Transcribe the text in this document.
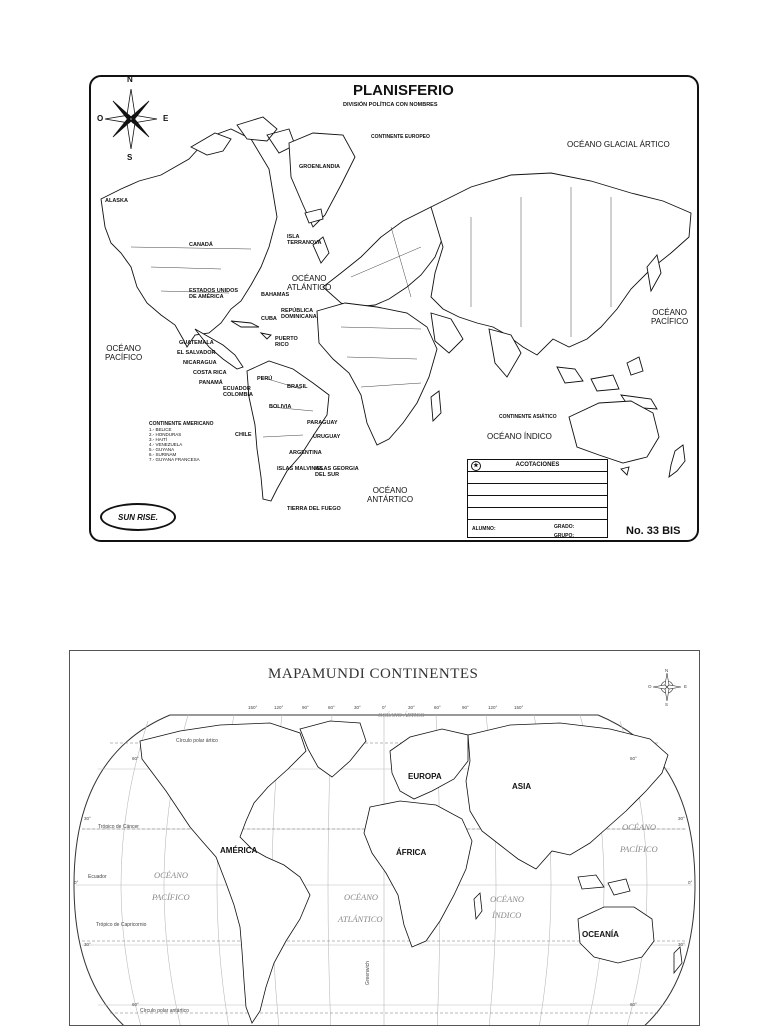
N
S
O	E
PLANISFERIO
DIVISIÓN POLÍTICA CON NOMBRES
OCÉANO GLACIAL ÁRTICO
OCÉANO
ATLÁNTICO
OCÉANO
PACÍFICO
OCÉANO
PACÍFICO
OCÉANO ÍNDICO
OCÉANO
ANTÁRTICO
ALASKA
CANADÁ
GROENLANDIA
ISLA
TERRANOVA
ESTADOS UNIDOS
DE AMÉRICA	BAHAMAS
CUBA
REPÚBLICA
DOMINICANA
GUATEMALA
EL SALVADOR
NICARAGUA
COSTA RICA
PANAMÁ
COLOMBIA
ECUADOR
PUERTO
RICO
PERÚ
BRASIL
BOLIVIA
PARAGUAY
CHILE	URUGUAY
ARGENTINA
ISLAS MALVINAS
ISLAS GEORGIA
DEL SUR
TIERRA DEL FUEGO
CONTINENTE EUROPEO
CONTINENTE ASIÁTICO
CONTINENTE AMERICANO
1.- BELICE
2.- HONDURAS
3.- HAITÍ
4.- VENEZUELA
5.- GUYANA
6.- SURINAM
7.- GUYANA FRANCESA
★	ACOTACIONES
ALUMNO:	GRADO:
GRUPO:
SUN RISE.
No. 33 BIS
MAPAMUNDI CONTINENTES	N
S
O	E
150°	120°	90°	60°	30°	0°	30°	60°	90°	120°	150°
60°
30°
0°
30°
60°
60°
30°
0°
30°
60°
Círculo polar ártico
Trópico de Cáncer
Ecuador
Trópico de Capricornio
Círculo polar antártico
Greenwich
EUROPA
ASIA
AMÉRICA	ÁFRICA
OCEANÍA
OCÉANO ÁRTICO
OCÉANO
PACÍFICO	OCÉANO
ATLÁNTICO
OCÉANO
ÍNDICO
OCÉANO
PACÍFICO
